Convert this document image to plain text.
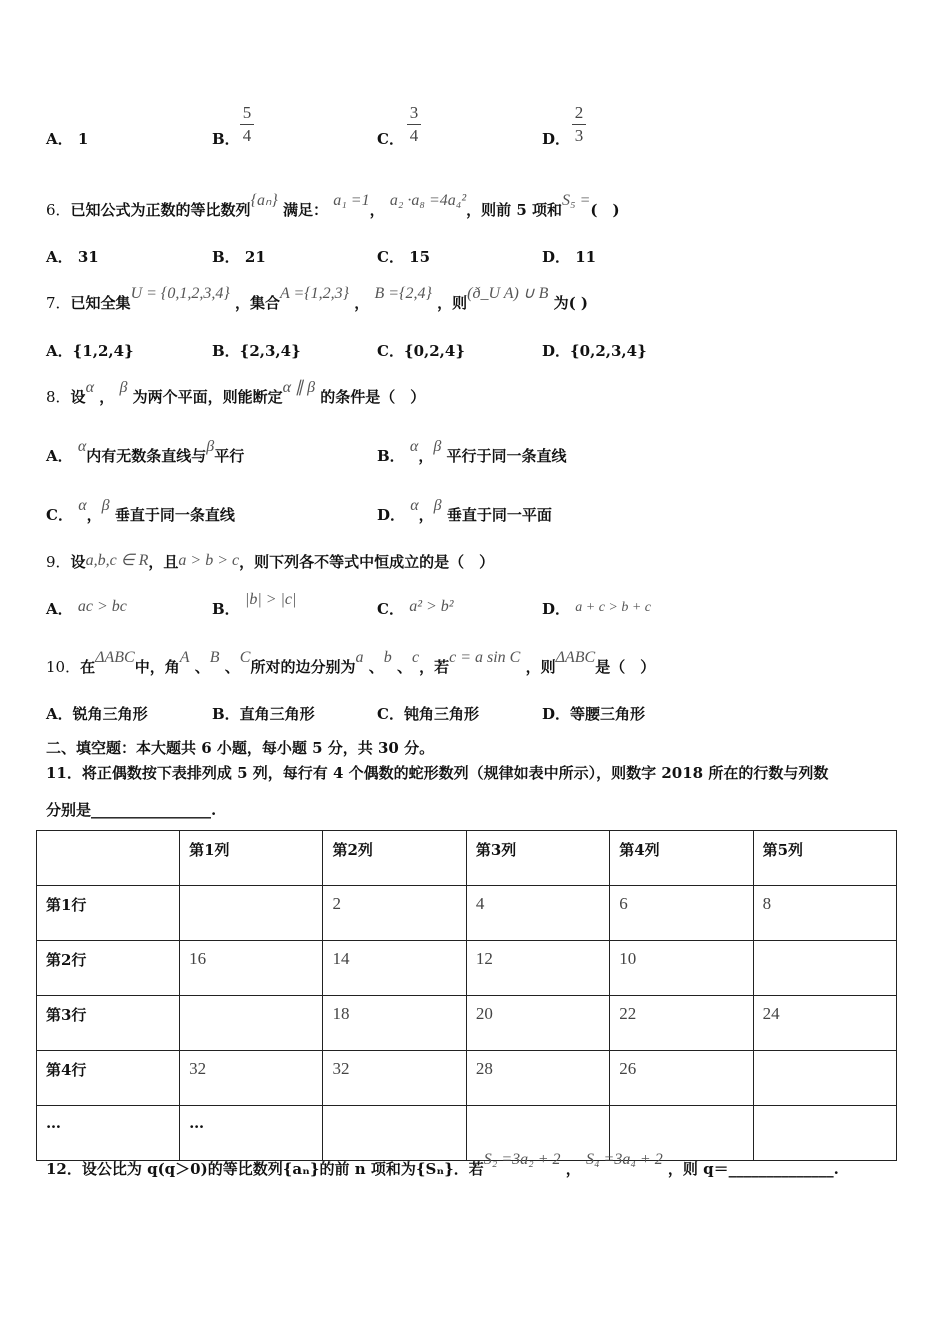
A． 1	B．
5
4	C．
3
4	D．
2
3
6．已知公式为正数的等比数列{aₙ} 满足： a₁ =1， a₂ ·a₈ =4a₄²，则前 5 项和S₅ =(　)
A． 31	B． 21	C． 15	D． 11
7．已知全集U = {0,1,2,3,4} ，集合A ={1,2,3} ， B ={2,4} ，则(ð_U A) ∪ B 为( )
A．{1,2,4}	B．{2,3,4}	C．{0,2,4}	D．{0,2,3,4}
8．设α ， β 为两个平面，则能断定α ∥ β 的条件是（　）
A． α内有无数条直线与β平行	B． α，β 平行于同一条直线
C． α，β 垂直于同一条直线	D． α，β 垂直于同一平面
9．设a,b,c ∈ R，且a > b > c，则下列各不等式中恒成立的是（　）
A． ac > bc	B． |b| > |c|
C． a² > b²	D． a + c > b + c
10．在ΔABC中，角A 、B 、C所对的边分别为a 、b 、c，若c = a sin C ，则ΔABC是（　）
A．锐角三角形	B．直角三角形	C．钝角三角形	D．等腰三角形
二、填空题：本大题共 6 小题，每小题 5 分，共 30 分。
11．将正偶数按下表排列成 5 列，每行有 4 个偶数的蛇形数列（规律如表中所示），则数字 2018 所在的行数与列数
分别是________________.
	第1列	第2列	第3列	第4列	第5列
第1行		2	4	6	8
第2行	16	14	12	10	
第3行		18	20	22	24
第4行	32	32	28	26	
…	…				
12．设公比为 q(q＞0)的等比数列{aₙ}的前 n 项和为{Sₙ}．若S₂ =3a₂ + 2 ， S₄ =3a₄ + 2 ，则 q＝______________.
